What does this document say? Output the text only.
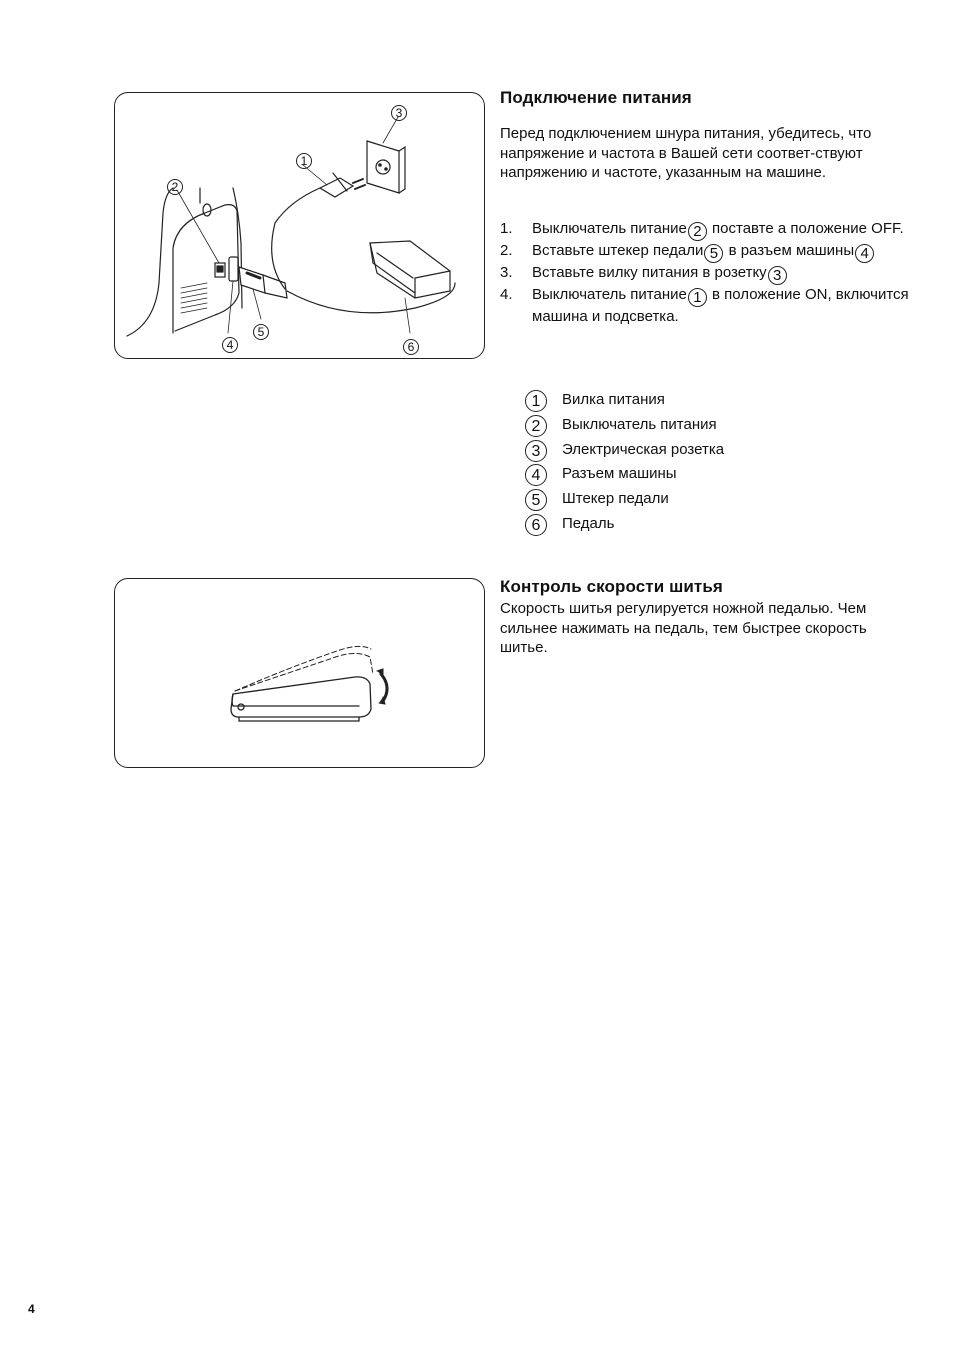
1
2
3
4
5
6
Подключение питания

Перед подключением шнура питания, убедитесь, что напряжение и частота в Вашей сети соответ-ствуют напряжению и частоте, указанным на машине.

1. Выключатель питание 2 поставте а положение OFF.
2. Вставьте штекер педали 5 в разъем машины 4
3. Вставьте вилку питания в розетку 3
4. Выключатель питание 1 в положение ON, включится машина и подсветка.
1	Вилка питания
2	Выключатель питания
3	Электрическая розетка
4	Разъем машины
5	Штекер педали
6	Педаль
Контроль скорости шитья

Скорость шитья регулируется ножной педалью. Чем сильнее нажимать на педаль, тем быстрее скорость шитье.

4
